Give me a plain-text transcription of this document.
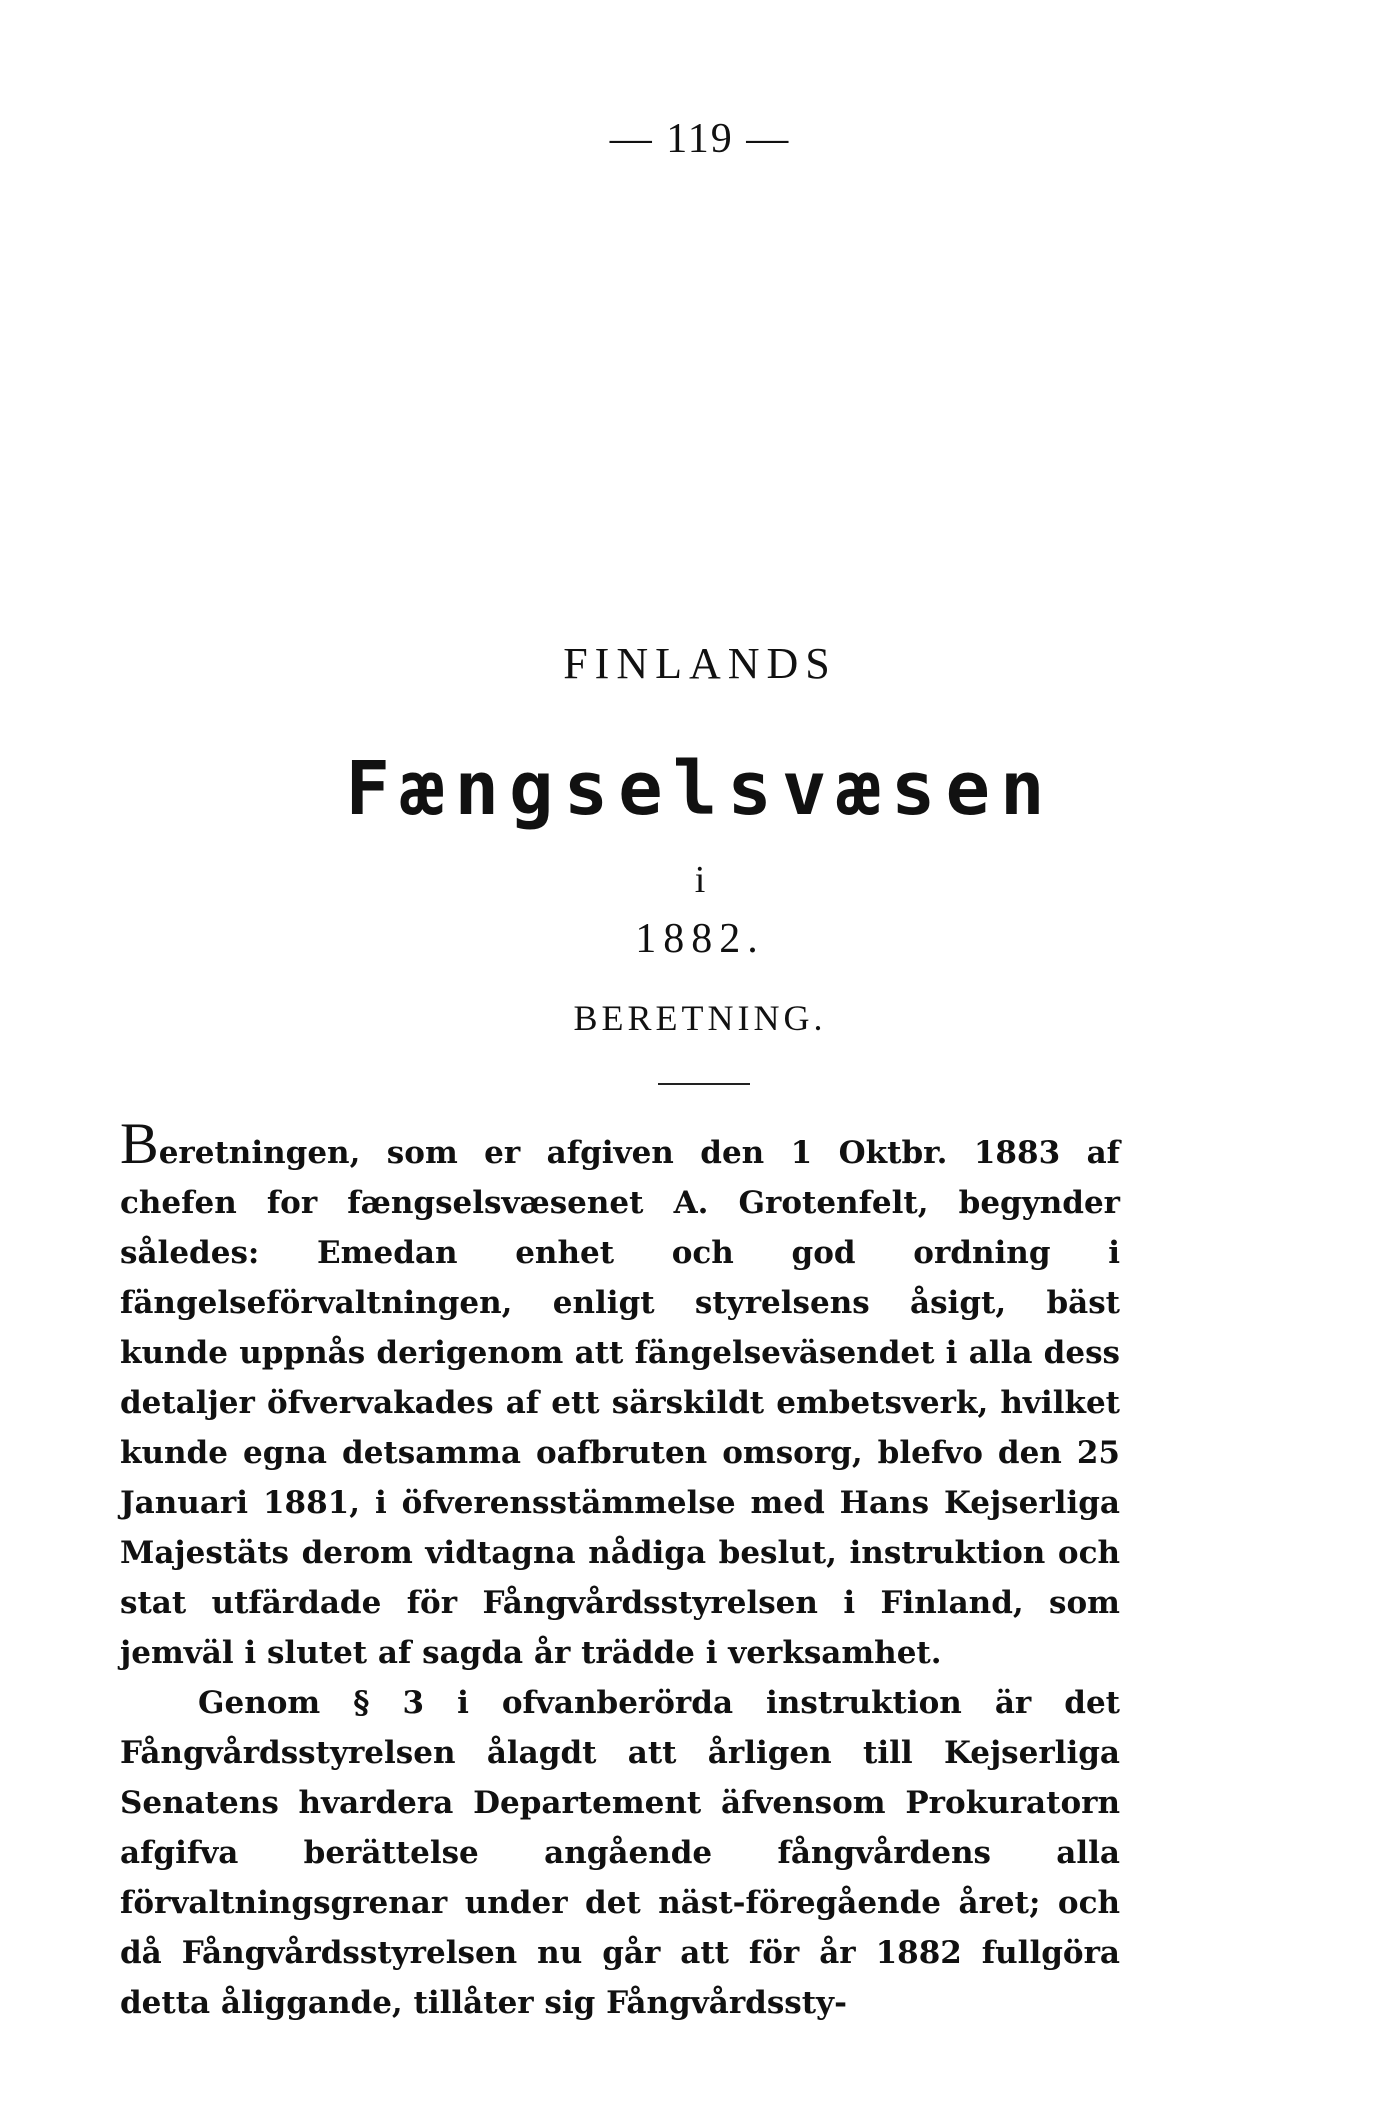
— 119 —
FINLANDS
Fængselsvæsen
i
1882.
BERETNING.

Beretningen, som er afgiven den 1 Oktbr. 1883 af chefen for fængselsvæsenet A. Grotenfelt, begynder således: Emedan enhet och god ordning i fängelseförvaltningen, enligt styrelsens åsigt, bäst kunde uppnås derigenom att fängelseväsendet i alla dess detaljer öfvervakades af ett särskildt embetsverk, hvilket kunde egna detsamma oafbruten omsorg, blefvo den 25 Januari 1881, i öfverensstämmelse med Hans Kejserliga Majestäts derom vidtagna nådiga beslut, instruktion och stat utfärdade för Fångvårdsstyrelsen i Finland, som jemväl i slutet af sagda år trädde i verksamhet.

Genom § 3 i ofvanberörda instruktion är det Fångvårdsstyrelsen ålagdt att årligen till Kejserliga Senatens hvardera Departement äfvensom Prokuratorn afgifva berättelse angående fångvårdens alla förvaltningsgrenar under det näst-föregående året; och då Fångvårdsstyrelsen nu går att för år 1882 fullgöra detta åliggande, tillåter sig Fångvårdssty-
